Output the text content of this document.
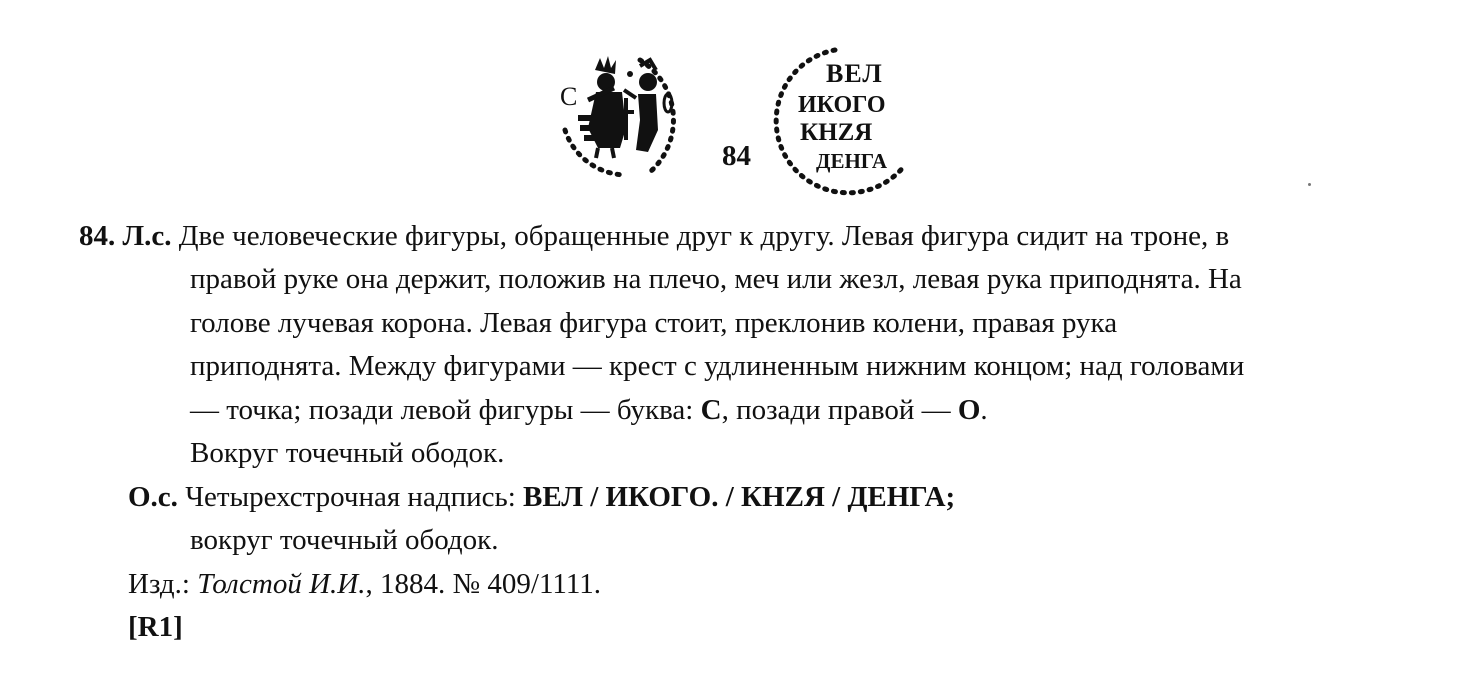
С
ВЕЛ
ИКОГО
КНZЯ
ДЕНГА
84
84. Л.с. Две человеческие фигуры, обращенные друг к другу. Левая фигура сидит на троне, в
правой руке она держит, положив на плечо, меч или жезл, левая рука приподнята. На
голове лучевая корона. Левая фигура стоит, преклонив колени, правая рука
приподнята. Между фигурами — крест с удлиненным нижним концом; над головами
— точка; позади левой фигуры — буква: С, позади правой — О.
Вокруг точечный ободок.
О.с. Четырехстрочная надпись: ВЕЛ / ИКОГО. / КНZЯ / ДЕНГА;
вокруг точечный ободок.
Изд.: Толстой И.И., 1884. № 409/1111.
[R1]
